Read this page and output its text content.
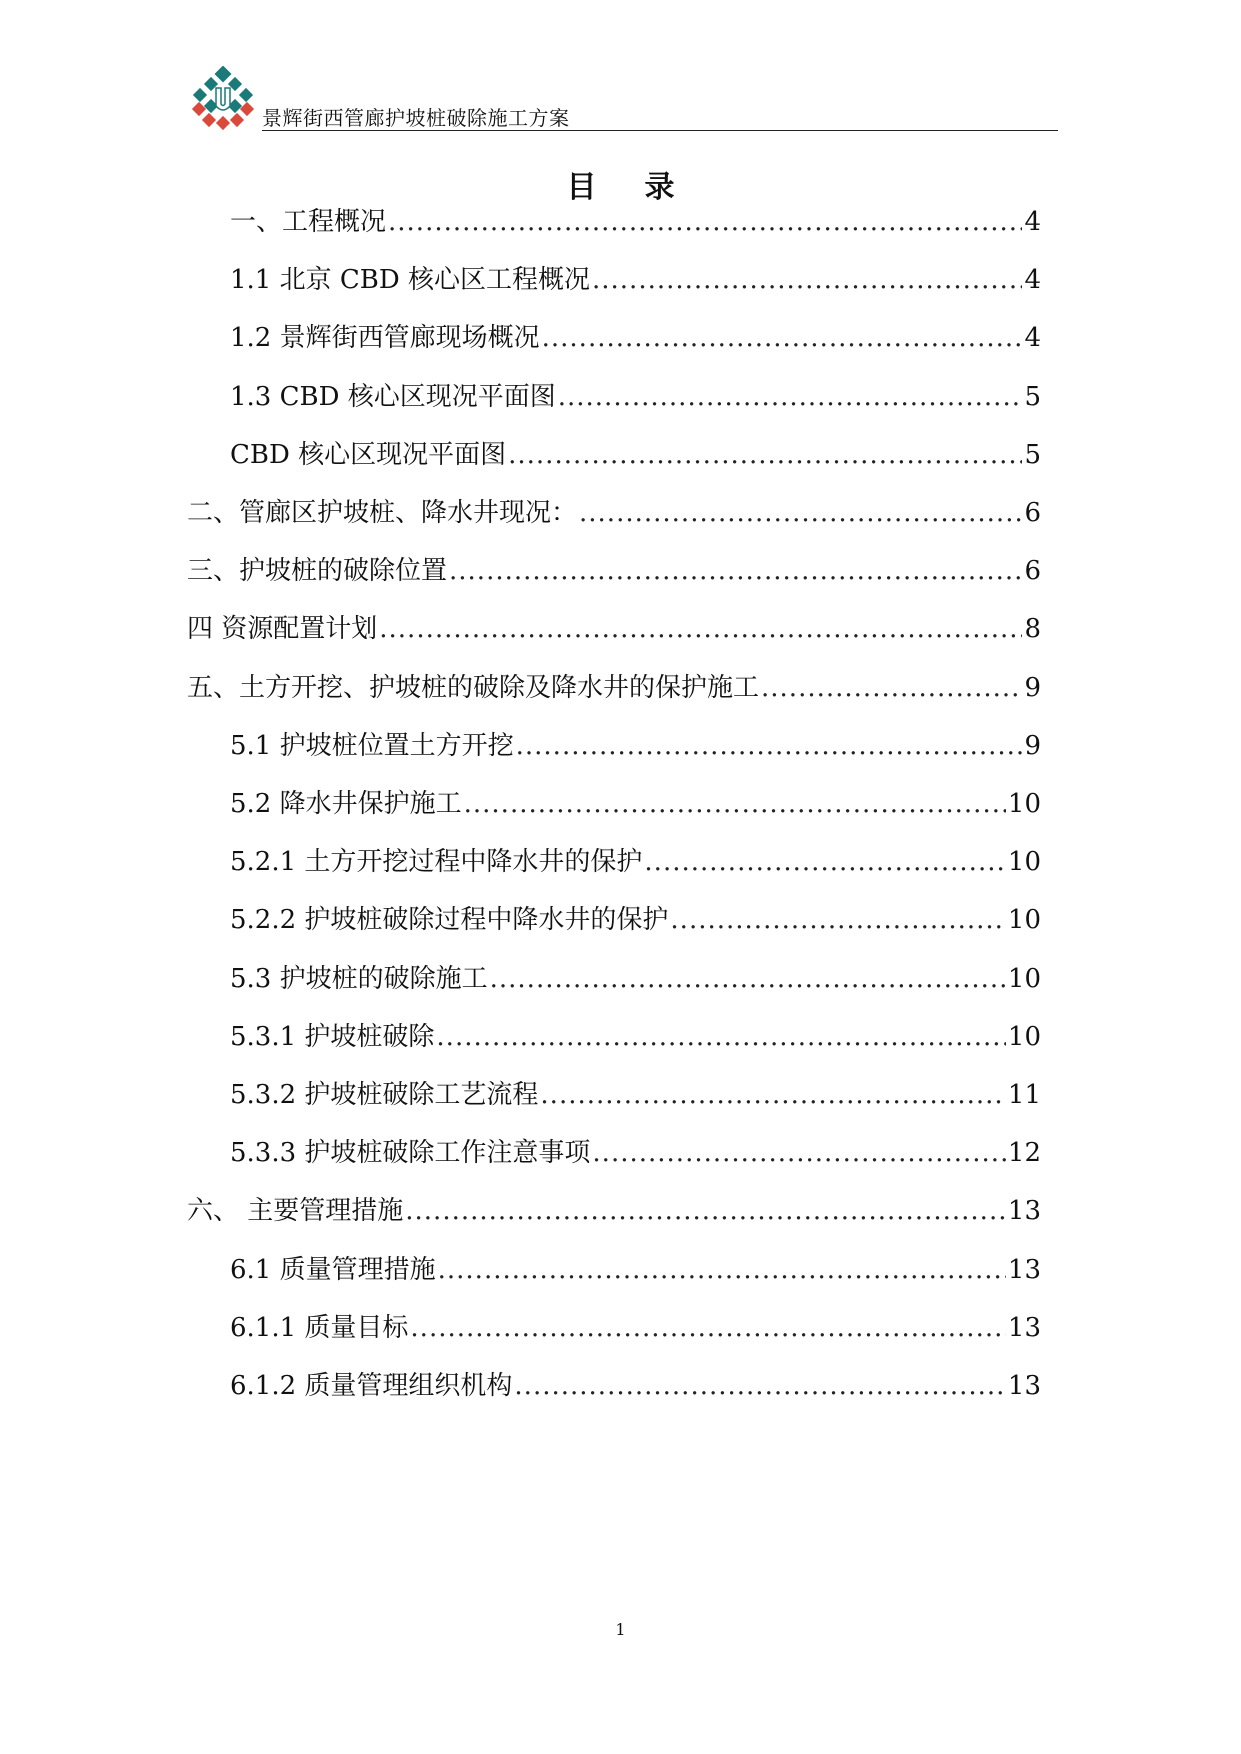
景辉街西管廊护坡桩破除施工方案
目录
一、工程概况 .....	4
1.1 北京 CBD 核心区工程概况 .....	4
1.2 景辉街西管廊现场概况 .....	4
1.3 CBD 核心区现况平面图 .....	5
CBD 核心区现况平面图 .....	5
二、管廊区护坡桩、降水井现况： .....	6
三、护坡桩的破除位置 .....	6
四 资源配置计划 .....	8
五、土方开挖、护坡桩的破除及降水井的保护施工 .....	9
5.1 护坡桩位置土方开挖 .....	9
5.2 降水井保护施工 .....	10
5.2.1 土方开挖过程中降水井的保护 .....	10
5.2.2 护坡桩破除过程中降水井的保护 .....	10
5.3 护坡桩的破除施工 .....	10
5.3.1 护坡桩破除 .....	10
5.3.2 护坡桩破除工艺流程 .....	11
5.3.3 护坡桩破除工作注意事项 .....	12
六、 主要管理措施 .....	13
6.1 质量管理措施 .....	13
6.1.1 质量目标 .....	13
6.1.2 质量管理组织机构 .....	13
1
